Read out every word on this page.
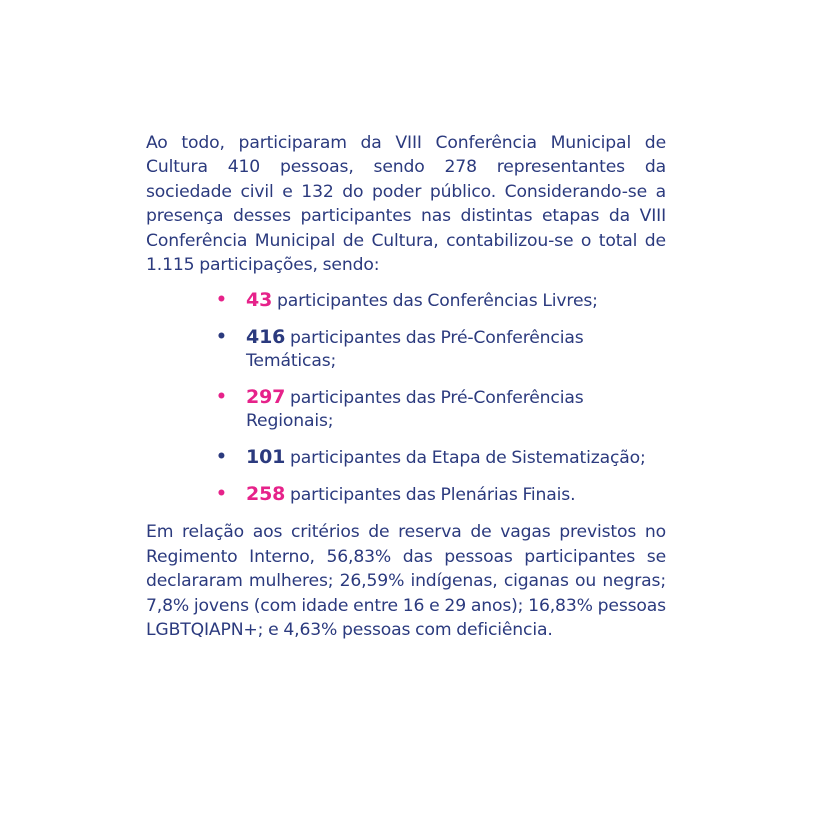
Ao todo, participaram da VIII Conferência Municipal de Cultura 410 pessoas, sendo 278 representantes da sociedade civil e 132 do poder público. Considerando-se a presença desses participantes nas distintas etapas da VIII Conferência Municipal de Cultura, contabilizou-se o total de 1.115 participações, sendo:

• 43 participantes das Conferências Livres;
• 416 participantes das Pré-Conferências Temáticas;
• 297 participantes das Pré-Conferências Regionais;
• 101 participantes da Etapa de Sistematização;
• 258 participantes das Plenárias Finais.

Em relação aos critérios de reserva de vagas previstos no Regimento Interno, 56,83% das pessoas participantes se declararam mulheres; 26,59% indígenas, ciganas ou negras; 7,8% jovens (com idade entre 16 e 29 anos); 16,83% pessoas LGBTQIAPN+; e 4,63% pessoas com deficiência.
